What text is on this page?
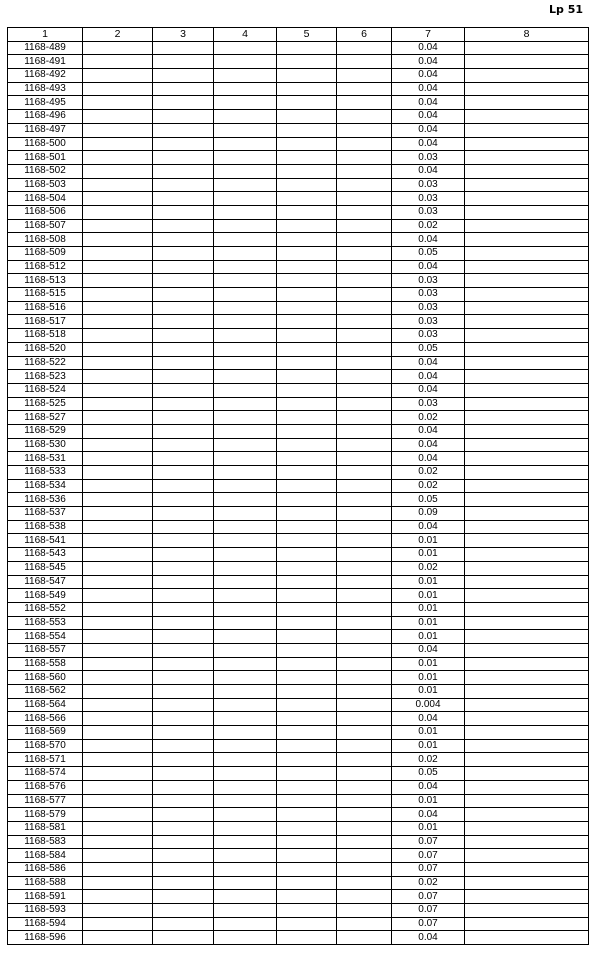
Lp 51
1	2	3	4	5	6	7	8
1168-489						0.04	
1168-491						0.04	
1168-492						0.04	
1168-493						0.04	
1168-495						0.04	
1168-496						0.04	
1168-497						0.04	
1168-500						0.04	
1168-501						0.03	
1168-502						0.04	
1168-503						0.03	
1168-504						0.03	
1168-506						0.03	
1168-507						0.02	
1168-508						0.04	
1168-509						0.05	
1168-512						0.04	
1168-513						0.03	
1168-515						0.03	
1168-516						0.03	
1168-517						0.03	
1168-518						0.03	
1168-520						0.05	
1168-522						0.04	
1168-523						0.04	
1168-524						0.04	
1168-525						0.03	
1168-527						0.02	
1168-529						0.04	
1168-530						0.04	
1168-531						0.04	
1168-533						0.02	
1168-534						0.02	
1168-536						0.05	
1168-537						0.09	
1168-538						0.04	
1168-541						0.01	
1168-543						0.01	
1168-545						0.02	
1168-547						0.01	
1168-549						0.01	
1168-552						0.01	
1168-553						0.01	
1168-554						0.01	
1168-557						0.04	
1168-558						0.01	
1168-560						0.01	
1168-562						0.01	
1168-564						0.004	
1168-566						0.04	
1168-569						0.01	
1168-570						0.01	
1168-571						0.02	
1168-574						0.05	
1168-576						0.04	
1168-577						0.01	
1168-579						0.04	
1168-581						0.01	
1168-583						0.07	
1168-584						0.07	
1168-586						0.07	
1168-588						0.02	
1168-591						0.07	
1168-593						0.07	
1168-594						0.07	
1168-596						0.04	
